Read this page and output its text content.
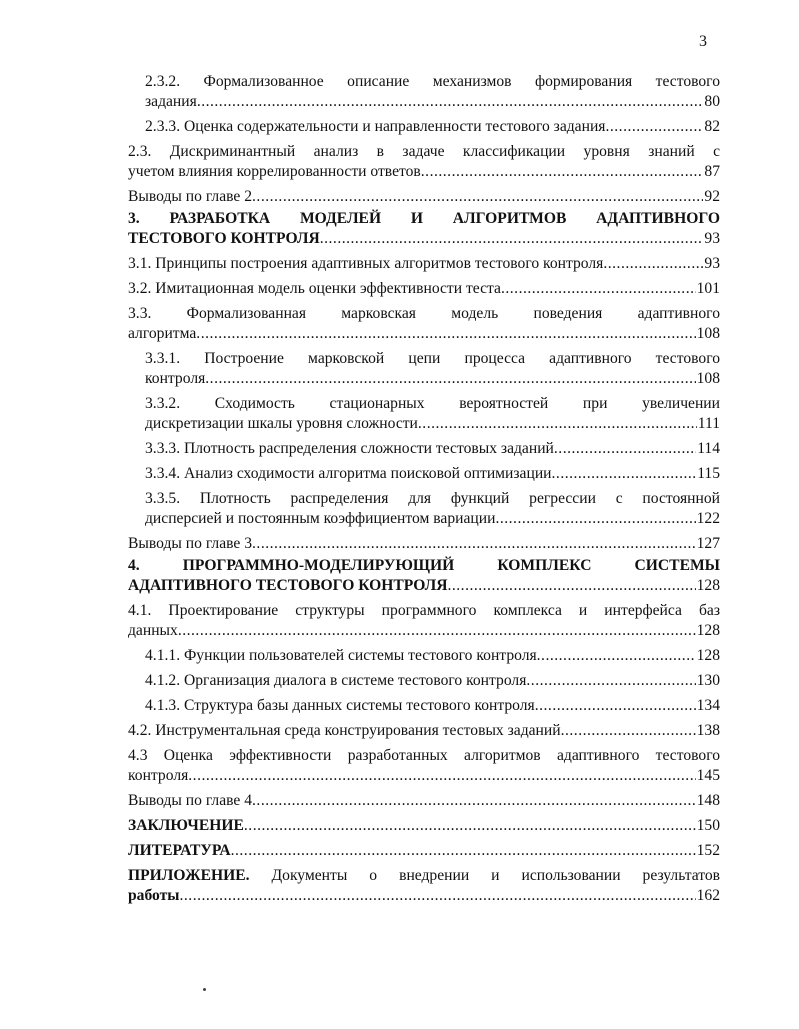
3
2.3.2. Формализованное описание механизмов формирования тестового
задания .....	80
2.3.3. Оценка содержательности и направленности тестового задания .....	82
2.3. Дискриминантный анализ в задаче классификации уровня знаний с
учетом влияния коррелированности ответов .....	87
Выводы по главе 2 .....	92
3. РАЗРАБОТКА МОДЕЛЕЙ И АЛГОРИТМОВ АДАПТИВНОГО
ТЕСТОВОГО КОНТРОЛЯ .....	93
3.1. Принципы построения адаптивных алгоритмов тестового контроля .....	93
3.2. Имитационная модель оценки эффективности теста .....	101
3.3. Формализованная марковская модель поведения адаптивного
алгоритма .....	108
3.3.1. Построение марковской цепи процесса адаптивного тестового
контроля .....	108
3.3.2. Сходимость стационарных вероятностей при увеличении
дискретизации шкалы уровня сложности .....	111
3.3.3. Плотность распределения сложности тестовых заданий .....	114
3.3.4. Анализ сходимости алгоритма поисковой оптимизации .....	115
3.3.5. Плотность распределения для функций регрессии с постоянной
дисперсией и постоянным коэффициентом вариации .....	122
Выводы по главе 3 .....	127
4. ПРОГРАММНО-МОДЕЛИРУЮЩИЙ КОМПЛЕКС СИСТЕМЫ
АДАПТИВНОГО ТЕСТОВОГО КОНТРОЛЯ .....	128
4.1. Проектирование структуры программного комплекса и интерфейса баз
данных .....	128
4.1.1. Функции пользователей системы тестового контроля .....	128
4.1.2. Организация диалога в системе тестового контроля .....	130
4.1.3. Структура базы данных системы тестового контроля .....	134
4.2. Инструментальная среда конструирования тестовых заданий .....	138
4.3 Оценка эффективности разработанных алгоритмов адаптивного тестового
контроля .....	145
Выводы по главе 4 .....	148
ЗАКЛЮЧЕНИЕ .....	150
ЛИТЕРАТУРА .....	152
ПРИЛОЖЕНИЕ. Документы о внедрении и использовании результатов
работы .....	162
